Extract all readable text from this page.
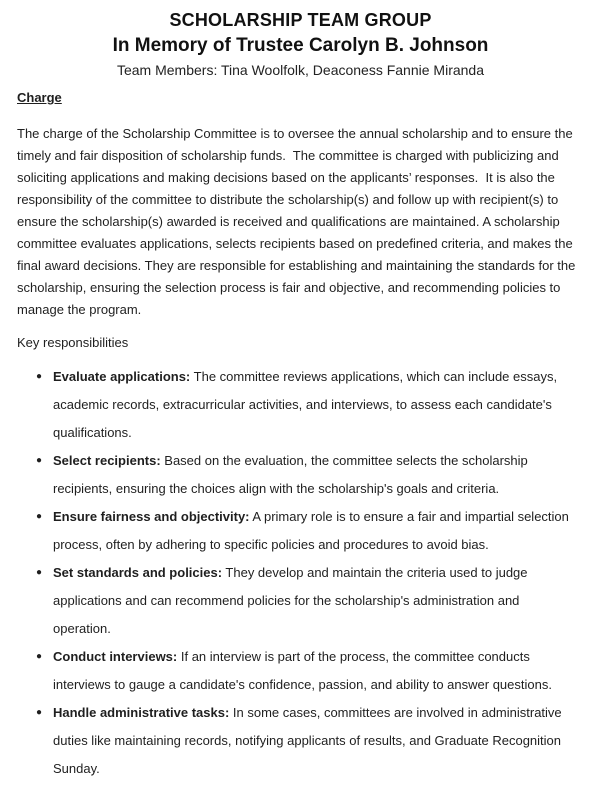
SCHOLARSHIP TEAM GROUP
In Memory of Trustee Carolyn B. Johnson
Team Members: Tina Woolfolk, Deaconess Fannie Miranda
Charge

The charge of the Scholarship Committee is to oversee the annual scholarship and to ensure the timely and fair disposition of scholarship funds.  The committee is charged with publicizing and soliciting applications and making decisions based on the applicants’ responses.  It is also the responsibility of the committee to distribute the scholarship(s) and follow up with recipient(s) to ensure the scholarship(s) awarded is received and qualifications are maintained. A scholarship committee evaluates applications, selects recipients based on predefined criteria, and makes the final award decisions. They are responsible for establishing and maintaining the standards for the scholarship, ensuring the selection process is fair and objective, and recommending policies to manage the program.

Key responsibilities

● Evaluate applications: The committee reviews applications, which can include essays, academic records, extracurricular activities, and interviews, to assess each candidate's qualifications.
● Select recipients: Based on the evaluation, the committee selects the scholarship recipients, ensuring the choices align with the scholarship's goals and criteria.
● Ensure fairness and objectivity: A primary role is to ensure a fair and impartial selection process, often by adhering to specific policies and procedures to avoid bias.
● Set standards and policies: They develop and maintain the criteria used to judge applications and can recommend policies for the scholarship's administration and operation.
● Conduct interviews: If an interview is part of the process, the committee conducts interviews to gauge a candidate's confidence, passion, and ability to answer questions.
● Handle administrative tasks: In some cases, committees are involved in administrative duties like maintaining records, notifying applicants of results, and Graduate Recognition Sunday.
